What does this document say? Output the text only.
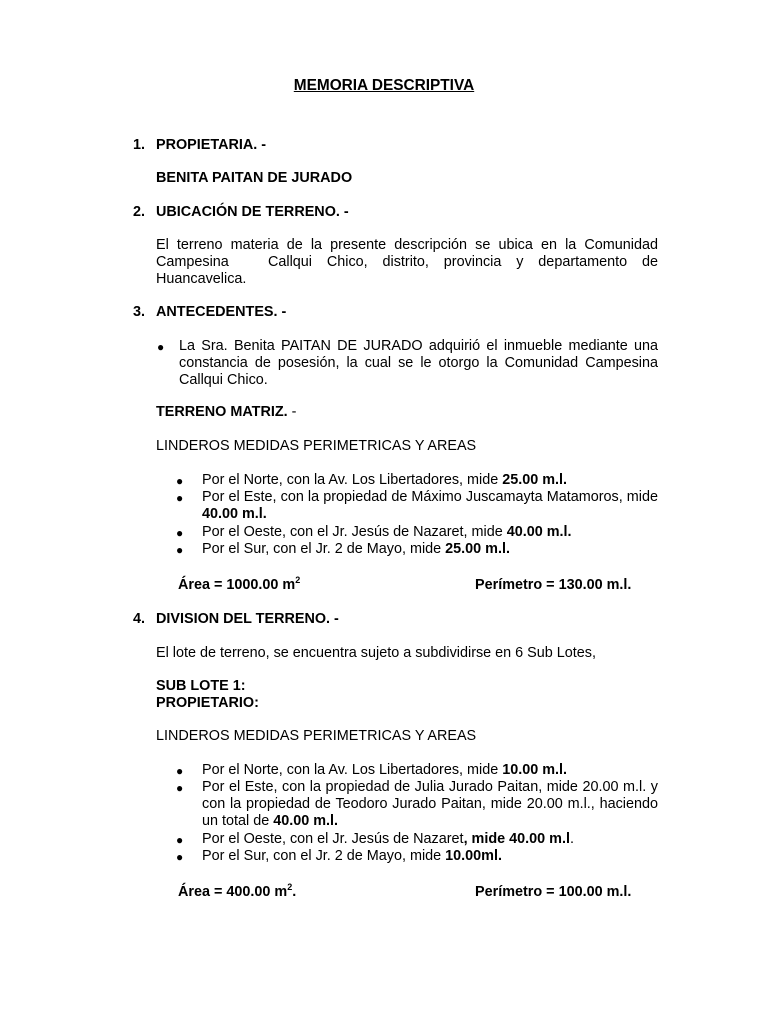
MEMORIA DESCRIPTIVA
1. PROPIETARIA. -
BENITA PAITAN DE JURADO
2. UBICACIÓN DE TERRENO. -
El terreno materia de la presente descripción se ubica en la Comunidad
Campesina	Callqui Chico, distrito, provincia y departamento de
Huancavelica.
3. ANTECEDENTES. -
● La Sra. Benita PAITAN DE JURADO adquirió el inmueble mediante una constancia de posesión, la cual se le otorgo la Comunidad Campesina Callqui Chico.
TERRENO MATRIZ. -
LINDEROS MEDIDAS PERIMETRICAS Y AREAS
● Por el Norte, con la Av. Los Libertadores, mide 25.00 m.l.
● Por el Este, con la propiedad de Máximo Juscamayta Matamoros, mide 40.00 m.l.
● Por el Oeste, con el Jr. Jesús de Nazaret, mide 40.00 m.l.
● Por el Sur, con el Jr. 2 de Mayo, mide 25.00 m.l.
Área = 1000.00 $m^2$	Perímetro = 130.00 m.l.
4. DIVISION DEL TERRENO. -
El lote de terreno, se encuentra sujeto a subdividirse en 6 Sub Lotes,
SUB LOTE 1:
PROPIETARIO:
LINDEROS MEDIDAS PERIMETRICAS Y AREAS
● Por el Norte, con la Av. Los Libertadores, mide 10.00 m.l.
● Por el Este, con la propiedad de Julia Jurado Paitan, mide 20.00 m.l. y con la propiedad de Teodoro Jurado Paitan, mide 20.00 m.l., haciendo un total de 40.00 m.l.
● Por el Oeste, con el Jr. Jesús de Nazaret, mide 40.00 m.l.
● Por el Sur, con el Jr. 2 de Mayo, mide 10.00ml.
Área = 400.00 $m^2$.	Perímetro = 100.00 m.l.
